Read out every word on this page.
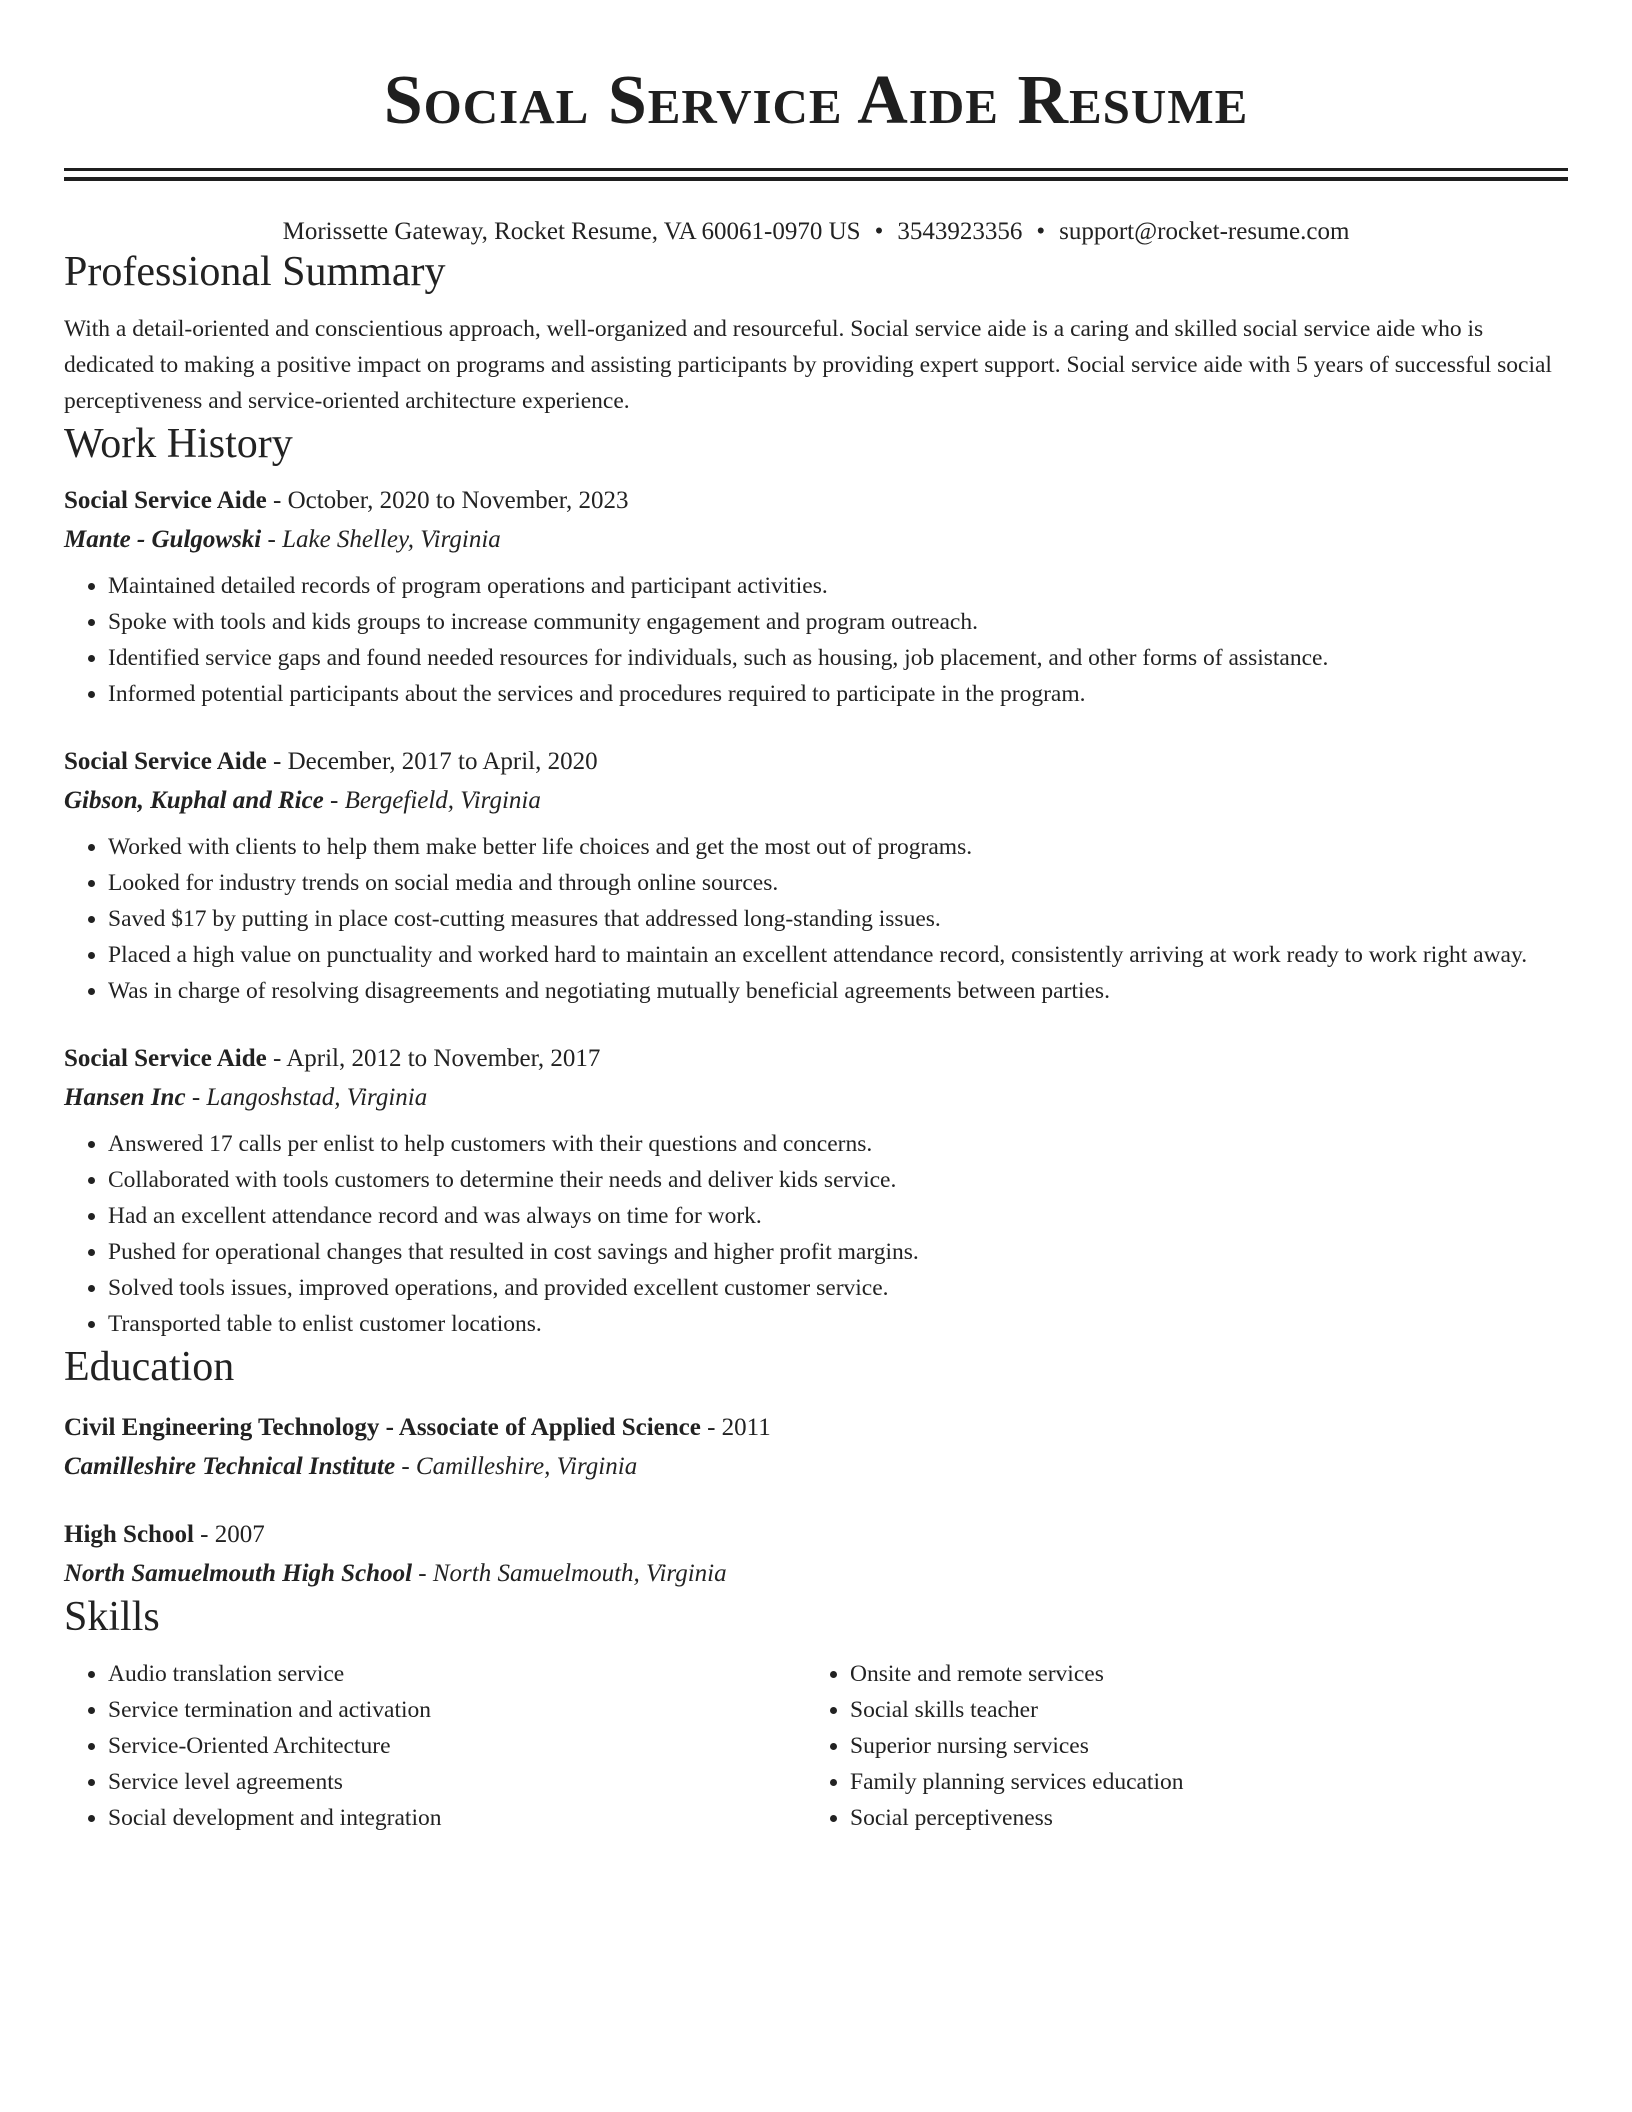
Social Service Aide Resume
Morissette Gateway, Rocket Resume, VA 60061-0970 US • 3543923356 • support@rocket-resume.com
Professional Summary
With a detail-oriented and conscientious approach, well-organized and resourceful. Social service aide is a caring and skilled social service aide who is dedicated to making a positive impact on programs and assisting participants by providing expert support. Social service aide with 5 years of successful social perceptiveness and service-oriented architecture experience.
Work History
Social Service Aide - October, 2020 to November, 2023
Mante - Gulgowski - Lake Shelley, Virginia
• Maintained detailed records of program operations and participant activities.
• Spoke with tools and kids groups to increase community engagement and program outreach.
• Identified service gaps and found needed resources for individuals, such as housing, job placement, and other forms of assistance.
• Informed potential participants about the services and procedures required to participate in the program.
Social Service Aide - December, 2017 to April, 2020
Gibson, Kuphal and Rice - Bergefield, Virginia
• Worked with clients to help them make better life choices and get the most out of programs.
• Looked for industry trends on social media and through online sources.
• Saved $17 by putting in place cost-cutting measures that addressed long-standing issues.
• Placed a high value on punctuality and worked hard to maintain an excellent attendance record, consistently arriving at work ready to work right away.
• Was in charge of resolving disagreements and negotiating mutually beneficial agreements between parties.
Social Service Aide - April, 2012 to November, 2017
Hansen Inc - Langoshstad, Virginia
• Answered 17 calls per enlist to help customers with their questions and concerns.
• Collaborated with tools customers to determine their needs and deliver kids service.
• Had an excellent attendance record and was always on time for work.
• Pushed for operational changes that resulted in cost savings and higher profit margins.
• Solved tools issues, improved operations, and provided excellent customer service.
• Transported table to enlist customer locations.
Education
Civil Engineering Technology - Associate of Applied Science - 2011
Camilleshire Technical Institute - Camilleshire, Virginia
High School - 2007
North Samuelmouth High School - North Samuelmouth, Virginia
Skills
• Audio translation service
• Service termination and activation
• Service-Oriented Architecture
• Service level agreements
• Social development and integration
• Onsite and remote services
• Social skills teacher
• Superior nursing services
• Family planning services education
• Social perceptiveness
